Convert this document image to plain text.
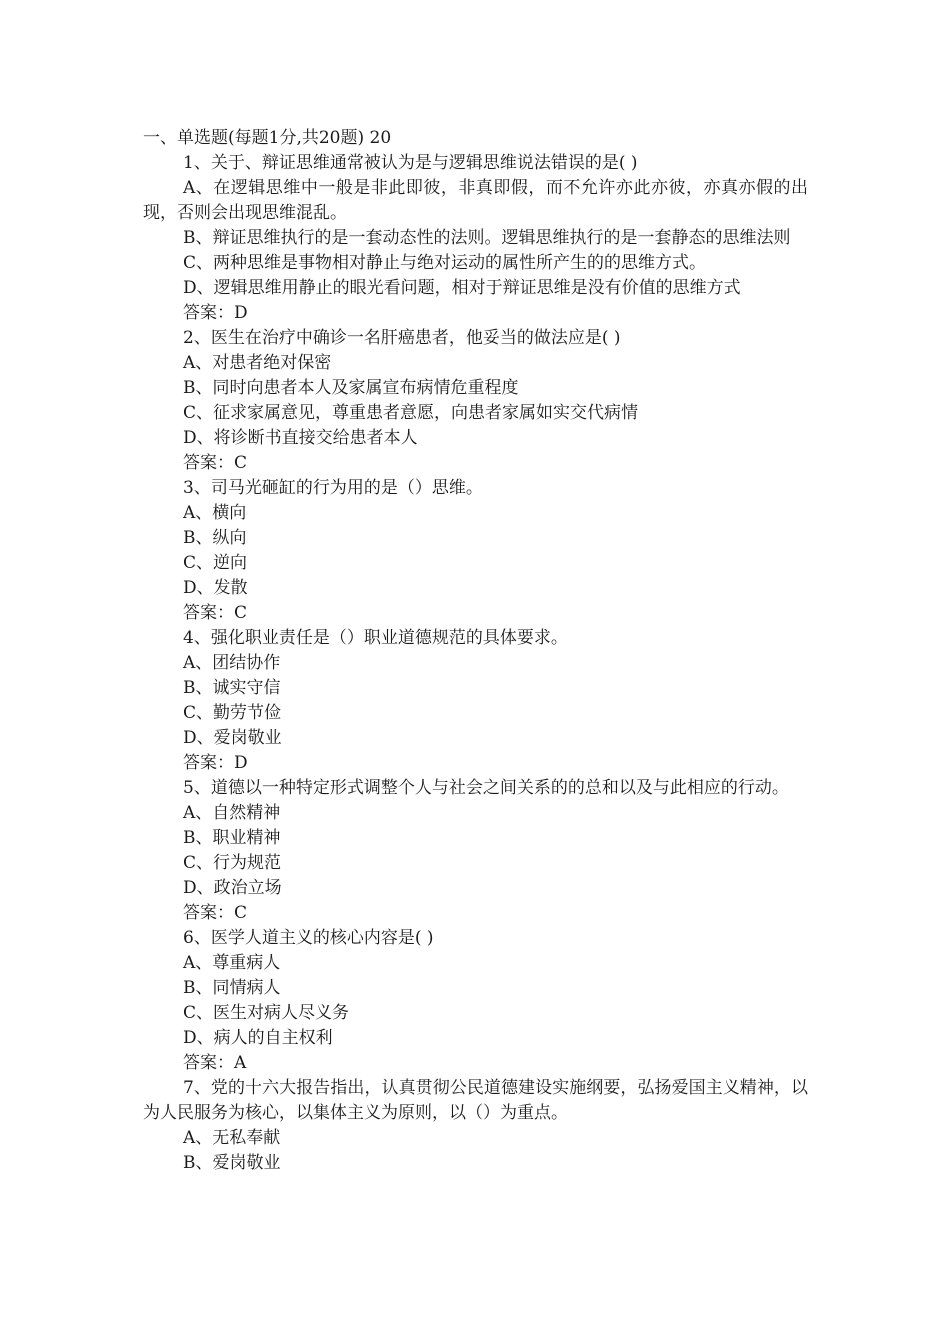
一、单选题(每题1分,共20题) 20

1、关于、辩证思维通常被认为是与逻辑思维说法错误的是( )

A、在逻辑思维中一般是非此即彼，非真即假，而不允许亦此亦彼，亦真亦假的出现，否则会出现思维混乱。

B、辩证思维执行的是一套动态性的法则。逻辑思维执行的是一套静态的思维法则

C、两种思维是事物相对静止与绝对运动的属性所产生的的思维方式。

D、逻辑思维用静止的眼光看问题，相对于辩证思维是没有价值的思维方式

答案：D

2、医生在治疗中确诊一名肝癌患者，他妥当的做法应是( )

A、对患者绝对保密

B、同时向患者本人及家属宣布病情危重程度

C、征求家属意见，尊重患者意愿，向患者家属如实交代病情

D、将诊断书直接交给患者本人

答案：C

3、司马光砸缸的行为用的是（）思维。

A、横向

B、纵向

C、逆向

D、发散

答案：C

4、强化职业责任是（）职业道德规范的具体要求。

A、团结协作

B、诚实守信

C、勤劳节俭

D、爱岗敬业

答案：D

5、道德以一种特定形式调整个人与社会之间关系的的总和以及与此相应的行动。

A、自然精神

B、职业精神

C、行为规范

D、政治立场

答案：C

6、医学人道主义的核心内容是( )

A、尊重病人

B、同情病人

C、医生对病人尽义务

D、病人的自主权利

答案：A

7、党的十六大报告指出，认真贯彻公民道德建设实施纲要，弘扬爱国主义精神，以为人民服务为核心，以集体主义为原则，以（）为重点。

A、无私奉献

B、爱岗敬业
